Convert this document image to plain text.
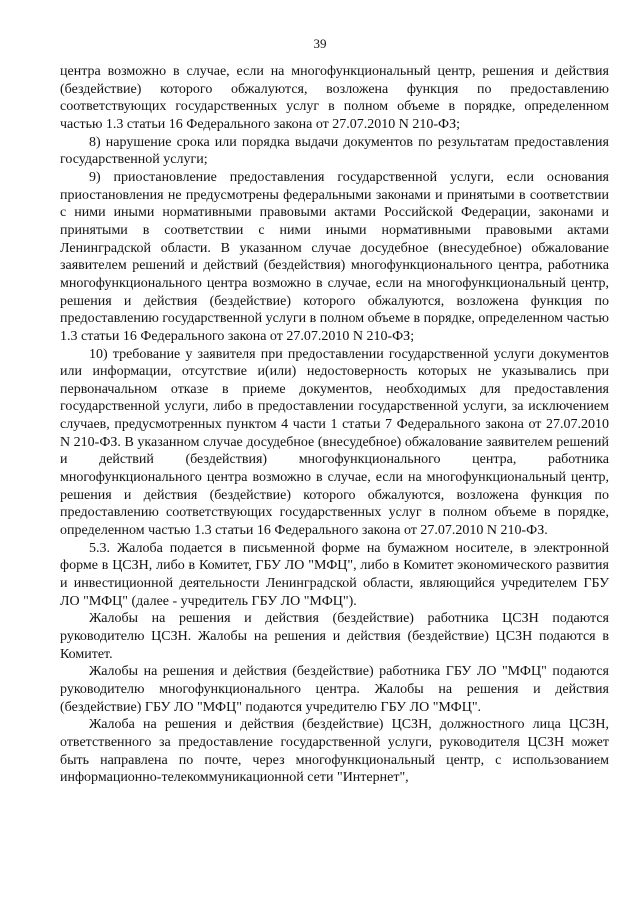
39

центра возможно в случае, если на многофункциональный центр, решения и действия (бездействие) которого обжалуются, возложена функция по предоставлению соответствующих государственных услуг в полном объеме в порядке, определенном частью 1.3 статьи 16 Федерального закона от 27.07.2010 N 210-ФЗ;

8) нарушение срока или порядка выдачи документов по результатам предоставления государственной услуги;

9) приостановление предоставления государственной услуги, если основания приостановления не предусмотрены федеральными законами и принятыми в соответствии с ними иными нормативными правовыми актами Российской Федерации, законами и принятыми в соответствии с ними иными нормативными правовыми актами Ленинградской области. В указанном случае досудебное (внесудебное) обжалование заявителем решений и действий (бездействия) многофункционального центра, работника многофункционального центра возможно в случае, если на многофункциональный центр, решения и действия (бездействие) которого обжалуются, возложена функция по предоставлению государственной услуги в полном объеме в порядке, определенном частью 1.3 статьи 16 Федерального закона от 27.07.2010 N 210-ФЗ;

10) требование у заявителя при предоставлении государственной услуги документов или информации, отсутствие и(или) недостоверность которых не указывались при первоначальном отказе в приеме документов, необходимых для предоставления государственной услуги, либо в предоставлении государственной услуги, за исключением случаев, предусмотренных пунктом 4 части 1 статьи 7 Федерального закона от 27.07.2010 N 210-ФЗ. В указанном случае досудебное (внесудебное) обжалование заявителем решений и действий (бездействия) многофункционального центра, работника многофункционального центра возможно в случае, если на многофункциональный центр, решения и действия (бездействие) которого обжалуются, возложена функция по предоставлению соответствующих государственных услуг в полном объеме в порядке, определенном частью 1.3 статьи 16 Федерального закона от 27.07.2010 N 210-ФЗ.

5.3. Жалоба подается в письменной форме на бумажном носителе, в электронной форме в ЦСЗН, либо в Комитет, ГБУ ЛО "МФЦ", либо в Комитет экономического развития и инвестиционной деятельности Ленинградской области, являющийся учредителем ГБУ ЛО "МФЦ" (далее - учредитель ГБУ ЛО "МФЦ").

Жалобы на решения и действия (бездействие) работника ЦСЗН подаются руководителю ЦСЗН. Жалобы на решения и действия (бездействие) ЦСЗН подаются в Комитет.

Жалобы на решения и действия (бездействие) работника ГБУ ЛО "МФЦ" подаются руководителю многофункционального центра. Жалобы на решения и действия (бездействие) ГБУ ЛО "МФЦ" подаются учредителю ГБУ ЛО "МФЦ".

Жалоба на решения и действия (бездействие) ЦСЗН, должностного лица ЦСЗН, ответственного за предоставление государственной услуги, руководителя ЦСЗН может быть направлена по почте, через многофункциональный центр, с использованием информационно-телекоммуникационной сети "Интернет",
